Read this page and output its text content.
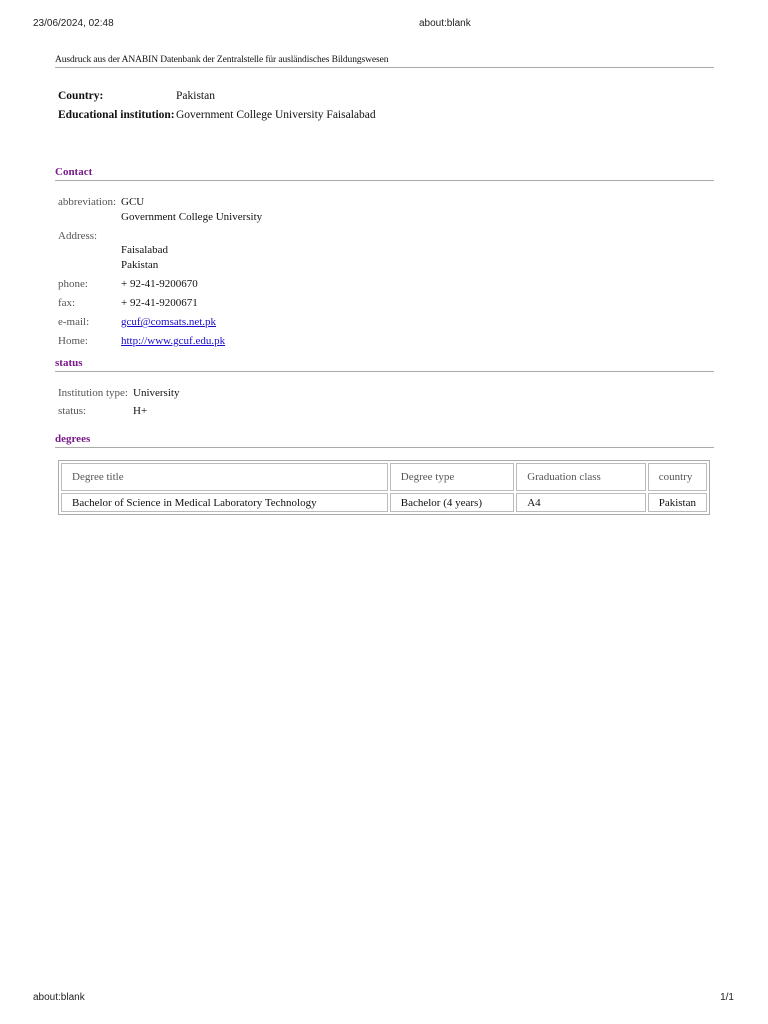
23/06/2024, 02:48	about:blank
Ausdruck aus der ANABIN Datenbank der Zentralstelle für ausländisches Bildungswesen
Country:	Pakistan
Educational institution: Government College University Faisalabad
Contact
abbreviation: GCU
Government College University
Address:
Faisalabad
Pakistan
phone:	+ 92-41-9200670
fax:	+ 92-41-9200671
e-mail:	gcuf@comsats.net.pk
Home:	http://www.gcuf.edu.pk
status
Institution type: University
status:	H+
degrees
Degree title	Degree type	Graduation class	country
Bachelor of Science in Medical Laboratory Technology	Bachelor (4 years)	A4	Pakistan
about:blank	1/1
